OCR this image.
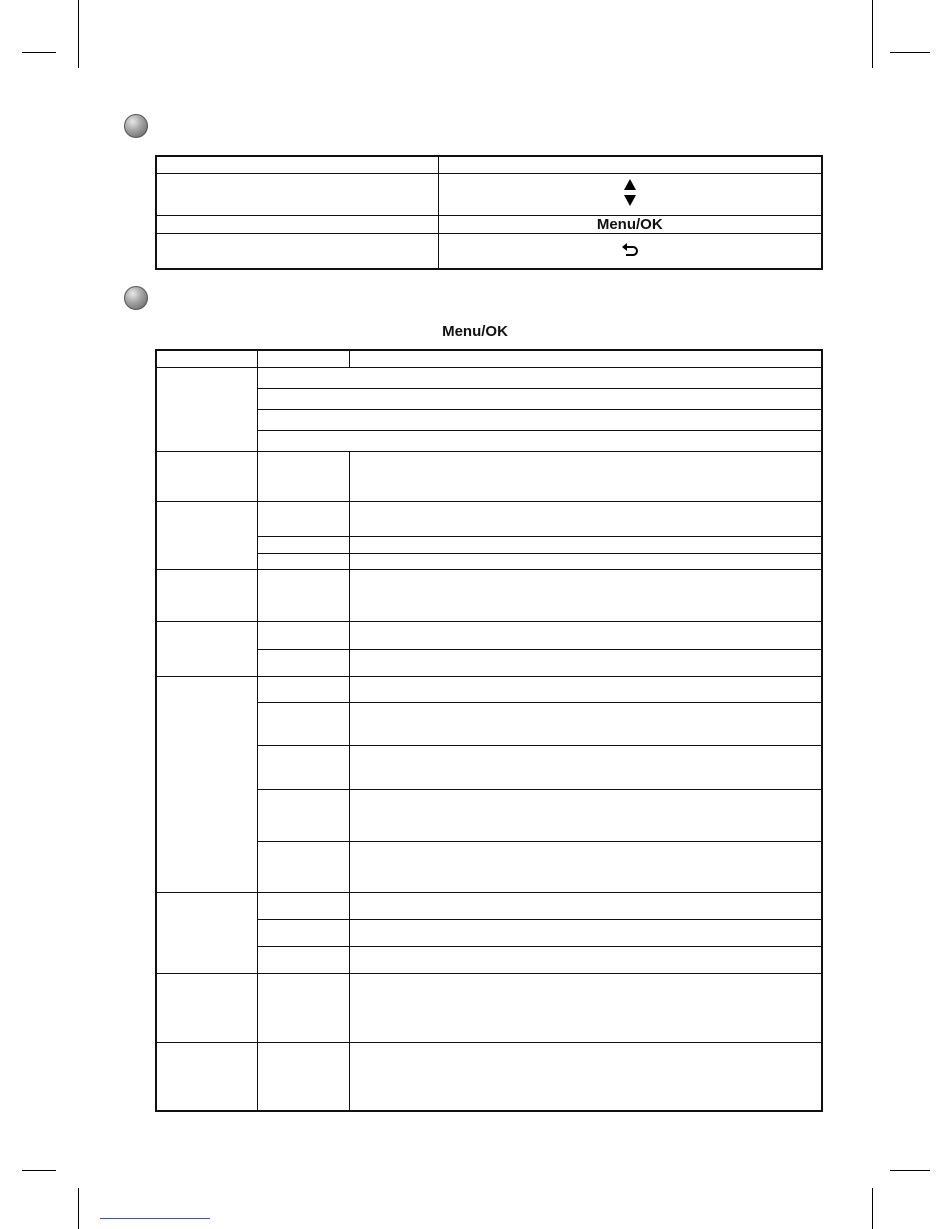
	Menu/OK

Menu/OK
